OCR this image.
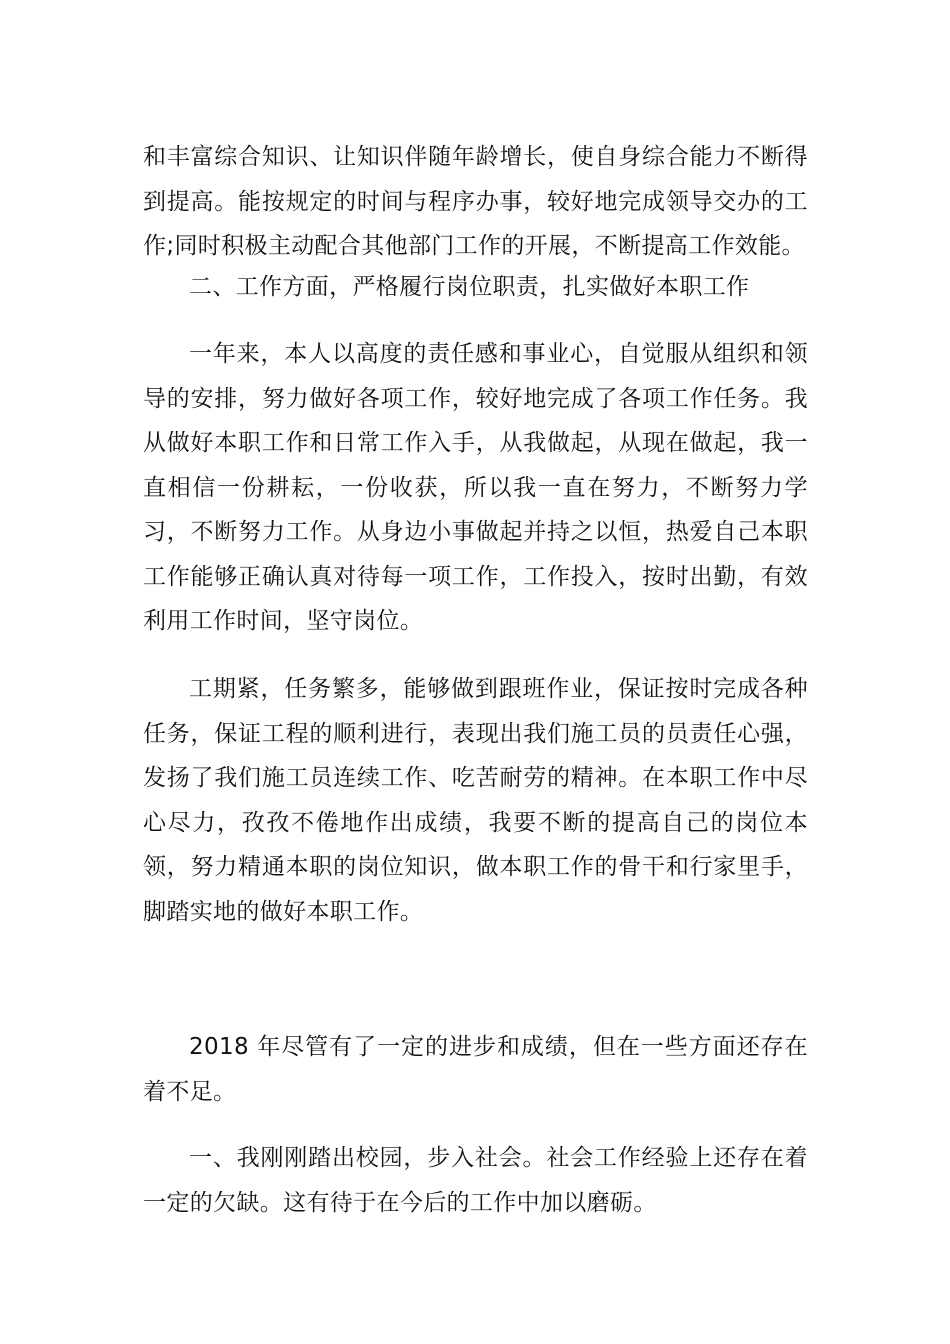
和丰富综合知识、让知识伴随年龄增长，使自身综合能力不断得到提高。能按规定的时间与程序办事，较好地完成领导交办的工作;同时积极主动配合其他部门工作的开展，不断提高工作效能。

二、工作方面，严格履行岗位职责，扎实做好本职工作

一年来，本人以高度的责任感和事业心，自觉服从组织和领导的安排，努力做好各项工作，较好地完成了各项工作任务。我从做好本职工作和日常工作入手，从我做起，从现在做起，我一直相信一份耕耘，一份收获，所以我一直在努力，不断努力学习，不断努力工作。从身边小事做起并持之以恒，热爱自己本职工作能够正确认真对待每一项工作，工作投入，按时出勤，有效利用工作时间，坚守岗位。

工期紧，任务繁多，能够做到跟班作业，保证按时完成各种任务，保证工程的顺利进行，表现出我们施工员的员责任心强，发扬了我们施工员连续工作、吃苦耐劳的精神。在本职工作中尽心尽力，孜孜不倦地作出成绩，我要不断的提高自己的岗位本领，努力精通本职的岗位知识，做本职工作的骨干和行家里手，脚踏实地的做好本职工作。

2018 年尽管有了一定的进步和成绩，但在一些方面还存在着不足。

一、我刚刚踏出校园，步入社会。社会工作经验上还存在着一定的欠缺。这有待于在今后的工作中加以磨砺。
